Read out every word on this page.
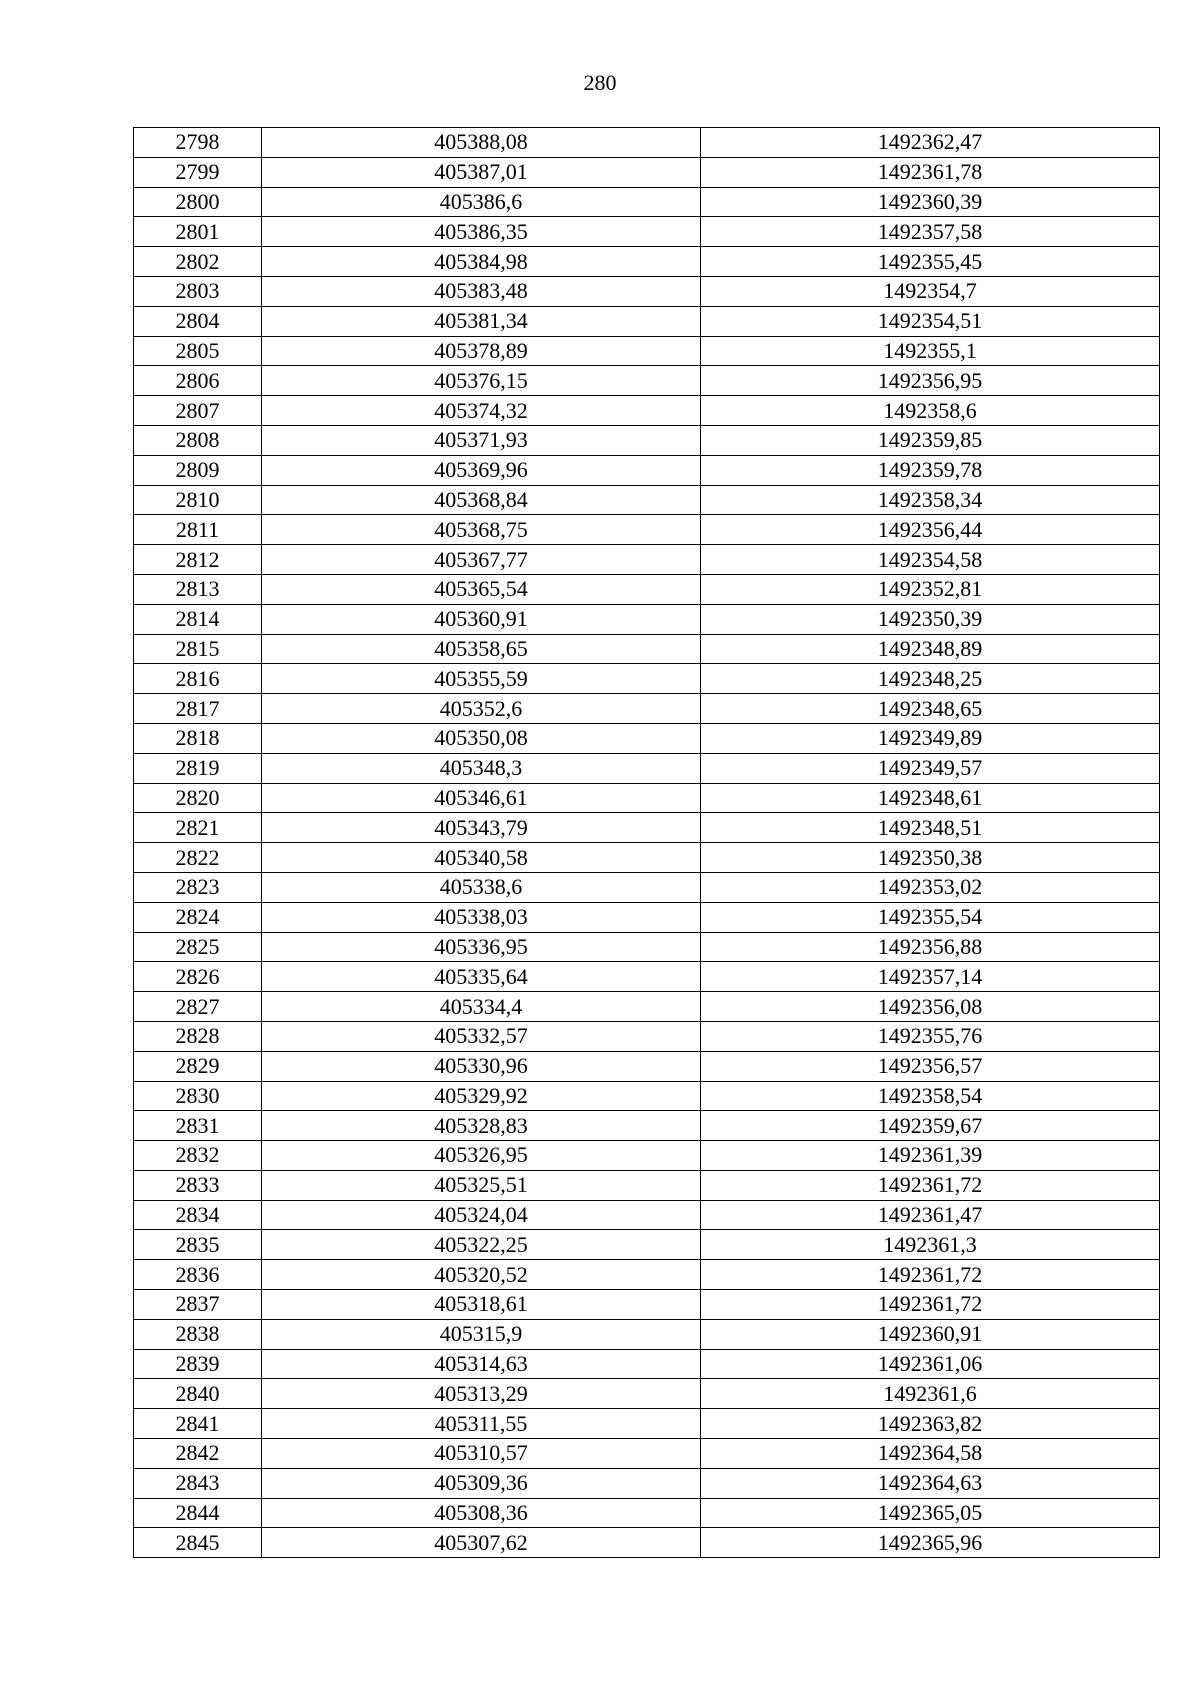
280
2798	405388,08	1492362,47
2799	405387,01	1492361,78
2800	405386,6	1492360,39
2801	405386,35	1492357,58
2802	405384,98	1492355,45
2803	405383,48	1492354,7
2804	405381,34	1492354,51
2805	405378,89	1492355,1
2806	405376,15	1492356,95
2807	405374,32	1492358,6
2808	405371,93	1492359,85
2809	405369,96	1492359,78
2810	405368,84	1492358,34
2811	405368,75	1492356,44
2812	405367,77	1492354,58
2813	405365,54	1492352,81
2814	405360,91	1492350,39
2815	405358,65	1492348,89
2816	405355,59	1492348,25
2817	405352,6	1492348,65
2818	405350,08	1492349,89
2819	405348,3	1492349,57
2820	405346,61	1492348,61
2821	405343,79	1492348,51
2822	405340,58	1492350,38
2823	405338,6	1492353,02
2824	405338,03	1492355,54
2825	405336,95	1492356,88
2826	405335,64	1492357,14
2827	405334,4	1492356,08
2828	405332,57	1492355,76
2829	405330,96	1492356,57
2830	405329,92	1492358,54
2831	405328,83	1492359,67
2832	405326,95	1492361,39
2833	405325,51	1492361,72
2834	405324,04	1492361,47
2835	405322,25	1492361,3
2836	405320,52	1492361,72
2837	405318,61	1492361,72
2838	405315,9	1492360,91
2839	405314,63	1492361,06
2840	405313,29	1492361,6
2841	405311,55	1492363,82
2842	405310,57	1492364,58
2843	405309,36	1492364,63
2844	405308,36	1492365,05
2845	405307,62	1492365,96
